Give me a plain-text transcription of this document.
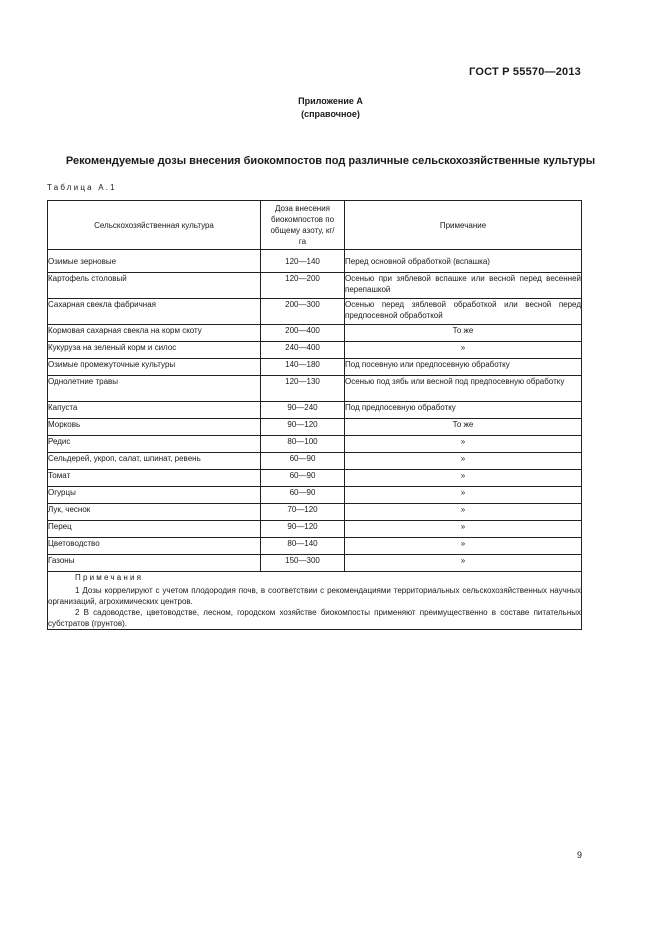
ГОСТ Р 55570—2013
Приложение А
(справочное)
Рекомендуемые дозы внесения биокомпостов под различные сельскохозяйственные культуры
Таблица А.1
Сельскохозяйственная культура	Доза внесения биокомпостов по общему азоту, кг/га	Примечание
Озимые зерновые	120—140	Перед основной обработкой (вспашка)
Картофель столовый	120—200	Осенью при зяблевой вспашке или весной перед весенней перепашкой
Сахарная свекла фабричная	200—300	Осенью перед зяблевой обработкой или весной перед предпосевной обработкой
Кормовая сахарная свекла на корм скоту	200—400	То же
Кукуруза на зеленый корм и силос	240—400	»
Озимые промежуточные культуры	140—180	Под посевную или предпосевную обработку
Однолетние травы	120—130	Осенью под зябь или весной под предпосевную обработку
Капуста	90—240	Под предпосевную обработку
Морковь	90—120	То же
Редис	80—100	»
Сельдерей, укроп, салат, шпинат, ревень	60—90	»
Томат	60—90	»
Огурцы	60—90	»
Лук, чеснок	70—120	»
Перец	90—120	»
Цветоводство	80—140	»
Газоны	150—300	»

Примечания
1 Дозы коррелируют с учетом плодородия почв, в соответствии с рекомендациями территориальных сельскохозяйственных научных организаций, агрохимических центров.
2 В садоводстве, цветоводстве, лесном, городском хозяйстве биокомпосты применяют преимущественно в составе питательных субстратов (грунтов).		
9
